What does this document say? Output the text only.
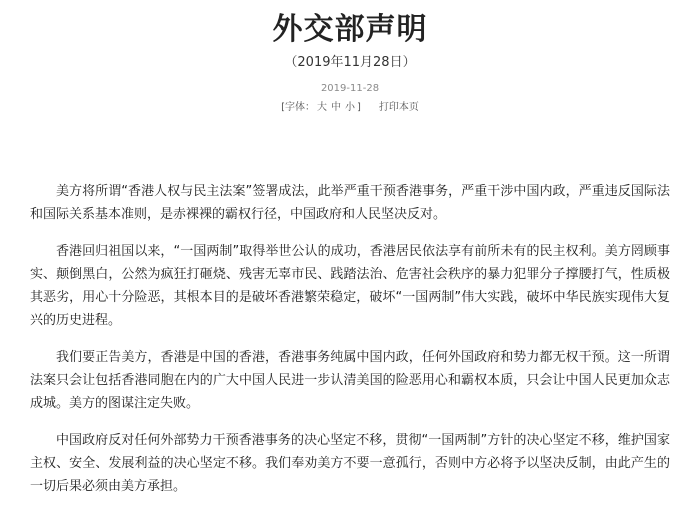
外交部声明
（2019年11月28日）
2019-11-28
[字体： 大 中 小 ] 打印本页

美方将所谓“香港人权与民主法案”签署成法，此举严重干预香港事务，严重干涉中国内政，严重违反国际法和国际关系基本准则，是赤裸裸的霸权行径，中国政府和人民坚决反对。

香港回归祖国以来，“一国两制”取得举世公认的成功，香港居民依法享有前所未有的民主权利。美方罔顾事实、颠倒黑白，公然为疯狂打砸烧、残害无辜市民、践踏法治、危害社会秩序的暴力犯罪分子撑腰打气，性质极其恶劣，用心十分险恶，其根本目的是破坏香港繁荣稳定，破坏“一国两制”伟大实践，破坏中华民族实现伟大复兴的历史进程。

我们要正告美方，香港是中国的香港，香港事务纯属中国内政，任何外国政府和势力都无权干预。这一所谓法案只会让包括香港同胞在内的广大中国人民进一步认清美国的险恶用心和霸权本质，只会让中国人民更加众志成城。美方的图谋注定失败。

中国政府反对任何外部势力干预香港事务的决心坚定不移，贯彻“一国两制”方针的决心坚定不移，维护国家主权、安全、发展利益的决心坚定不移。我们奉劝美方不要一意孤行，否则中方必将予以坚决反制，由此产生的一切后果必须由美方承担。
